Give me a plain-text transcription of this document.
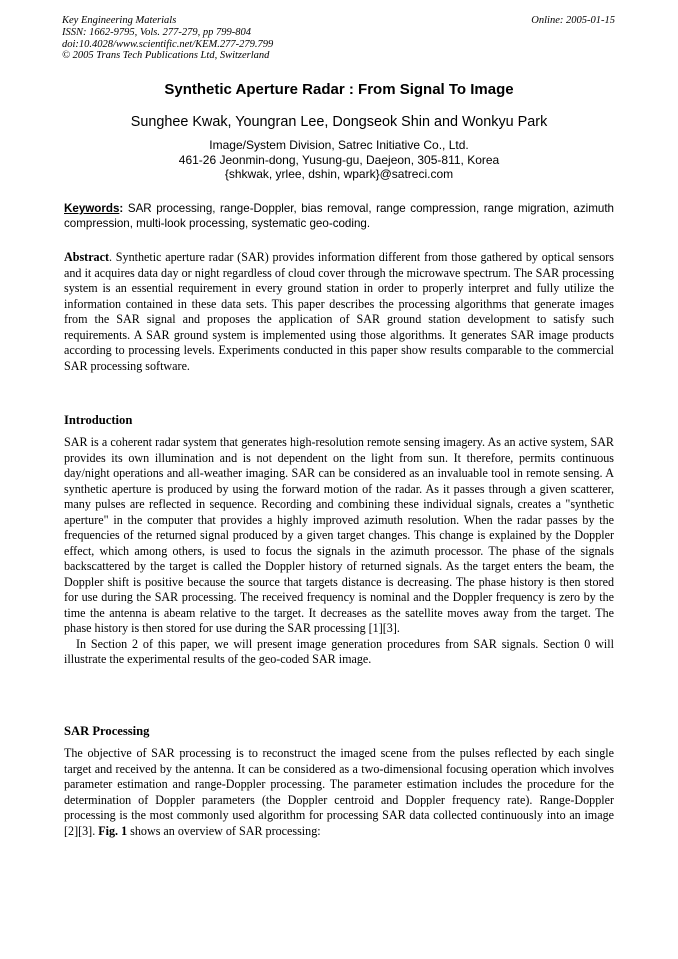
Key Engineering Materials
ISSN: 1662-9795, Vols. 277-279, pp 799-804
doi:10.4028/www.scientific.net/KEM.277-279.799
© 2005 Trans Tech Publications Ltd, Switzerland
Online: 2005-01-15
Synthetic Aperture Radar : From Signal To Image
Sunghee Kwak, Youngran Lee, Dongseok Shin and Wonkyu Park
Image/System Division, Satrec Initiative Co., Ltd.
461-26 Jeonmin-dong, Yusung-gu, Daejeon, 305-811, Korea
{shkwak, yrlee, dshin, wpark}@satreci.com
Keywords: SAR processing, range-Doppler, bias removal, range compression, range migration, azimuth compression, multi-look processing, systematic geo-coding.
Abstract. Synthetic aperture radar (SAR) provides information different from those gathered by optical sensors and it acquires data day or night regardless of cloud cover through the microwave spectrum. The SAR processing system is an essential requirement in every ground station in order to properly interpret and fully utilize the information contained in these data sets. This paper describes the processing algorithms that generate images from the SAR signal and proposes the application of SAR ground station development to satisfy such requirements. A SAR ground system is implemented using those algorithms. It generates SAR image products according to processing levels. Experiments conducted in this paper show results comparable to the commercial SAR processing software.
Introduction

SAR is a coherent radar system that generates high-resolution remote sensing imagery. As an active system, SAR provides its own illumination and is not dependent on the light from sun. It therefore, permits continuous day/night operations and all-weather imaging. SAR can be considered as an invaluable tool in remote sensing. A synthetic aperture is produced by using the forward motion of the radar. As it passes through a given scatterer, many pulses are reflected in sequence. Recording and combining these individual signals, creates a "synthetic aperture" in the computer that provides a highly improved azimuth resolution. When the radar passes by the frequencies of the returned signal produced by a given target changes. This change is explained by the Doppler effect, which among others, is used to focus the signals in the azimuth processor. The phase of the signals backscattered by the target is called the Doppler history of returned signals. As the target enters the beam, the Doppler shift is positive because the source that targets distance is decreasing. The phase history is then stored for use during the SAR processing. The received frequency is nominal and the Doppler frequency is zero by the time the antenna is abeam relative to the target. It decreases as the satellite moves away from the target. The phase history is then stored for use during the SAR processing [1][3].

In Section 2 of this paper, we will present image generation procedures from SAR signals. Section 0 will illustrate the experimental results of the geo-coded SAR image.

SAR Processing
The objective of SAR processing is to reconstruct the imaged scene from the pulses reflected by each single target and received by the antenna. It can be considered as a two-dimensional focusing operation which involves parameter estimation and range-Doppler processing. The parameter estimation includes the procedure for the determination of Doppler parameters (the Doppler centroid and Doppler frequency rate). Range-Doppler processing is the most commonly used algorithm for processing SAR data collected continuously into an image [2][3]. Fig. 1 shows an overview of SAR processing:
